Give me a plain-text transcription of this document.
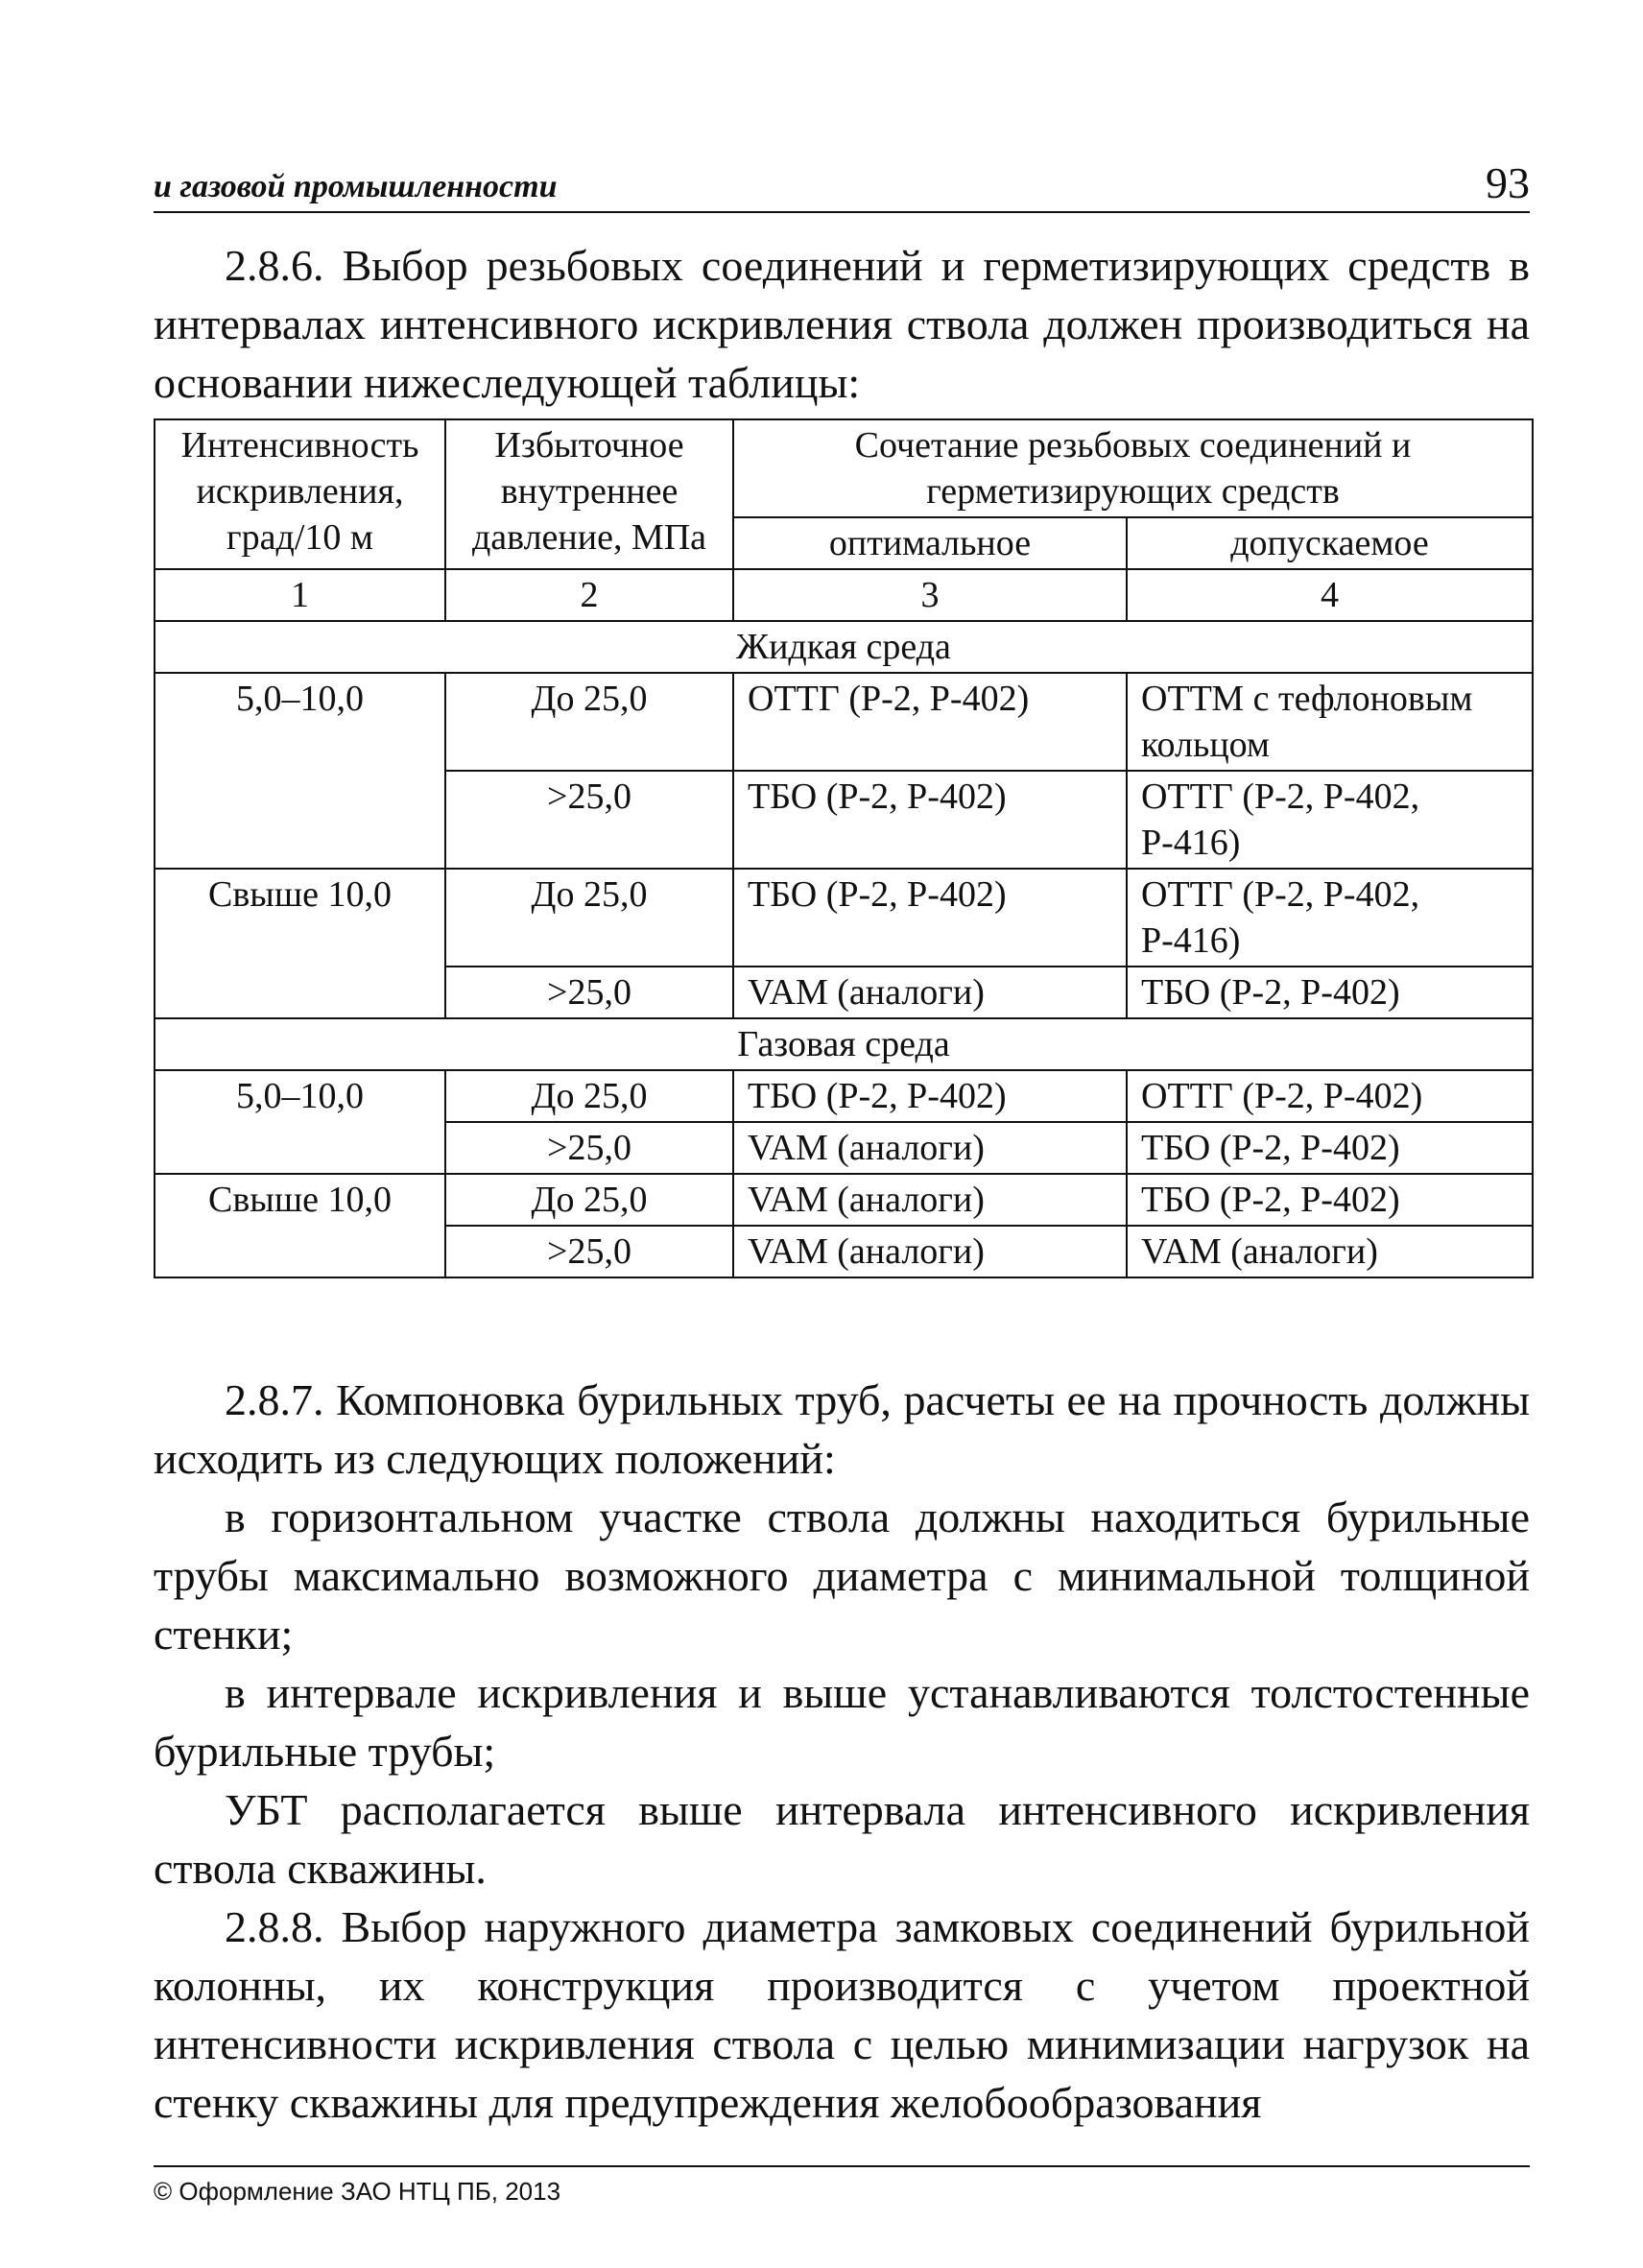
и газовой промышленности	93

2.8.6. Выбор резьбовых соединений и герметизирующих средств в интервалах интенсивного искривления ствола должен производиться на основании нижеследующей таблицы:

Интенсивность искривления, град/10 м	Избыточное внутреннее давление, МПа	Сочетание резьбовых соединений и герметизирующих средств	
		оптимальное	допускаемое
1	2	3	4
Жидкая среда			
5,0–10,0	До 25,0	ОТТГ (Р-2, Р-402)	ОТТМ с тефлоновым кольцом
	>25,0	ТБО (Р-2, Р-402)	ОТТГ (Р-2, Р-402, Р-416)
Свыше 10,0	До 25,0	ТБО (Р-2, Р-402)	ОТТГ (Р-2, Р-402, Р-416)
	>25,0	VAM (аналоги)	ТБО (Р-2, Р-402)
Газовая среда			
5,0–10,0	До 25,0	ТБО (Р-2, Р-402)	ОТТГ (Р-2, Р-402)
	>25,0	VAM (аналоги)	ТБО (Р-2, Р-402)
Свыше 10,0	До 25,0	VAM (аналоги)	ТБО (Р-2, Р-402)
	>25,0	VAM (аналоги)	VAM (аналоги)

2.8.7. Компоновка бурильных труб, расчеты ее на прочность должны исходить из следующих положений:

в горизонтальном участке ствола должны находиться бурильные трубы максимально возможного диаметра с минимальной толщиной стенки;

в интервале искривления и выше устанавливаются толстостенные бурильные трубы;

УБТ располагается выше интервала интенсивного искривления ствола скважины.

2.8.8. Выбор наружного диаметра замковых соединений бурильной колонны, их конструкция производится с учетом проектной интенсивности искривления ствола с целью минимизации нагрузок на стенку скважины для предупреждения желобообразования

© Оформление ЗАО НТЦ ПБ, 2013
